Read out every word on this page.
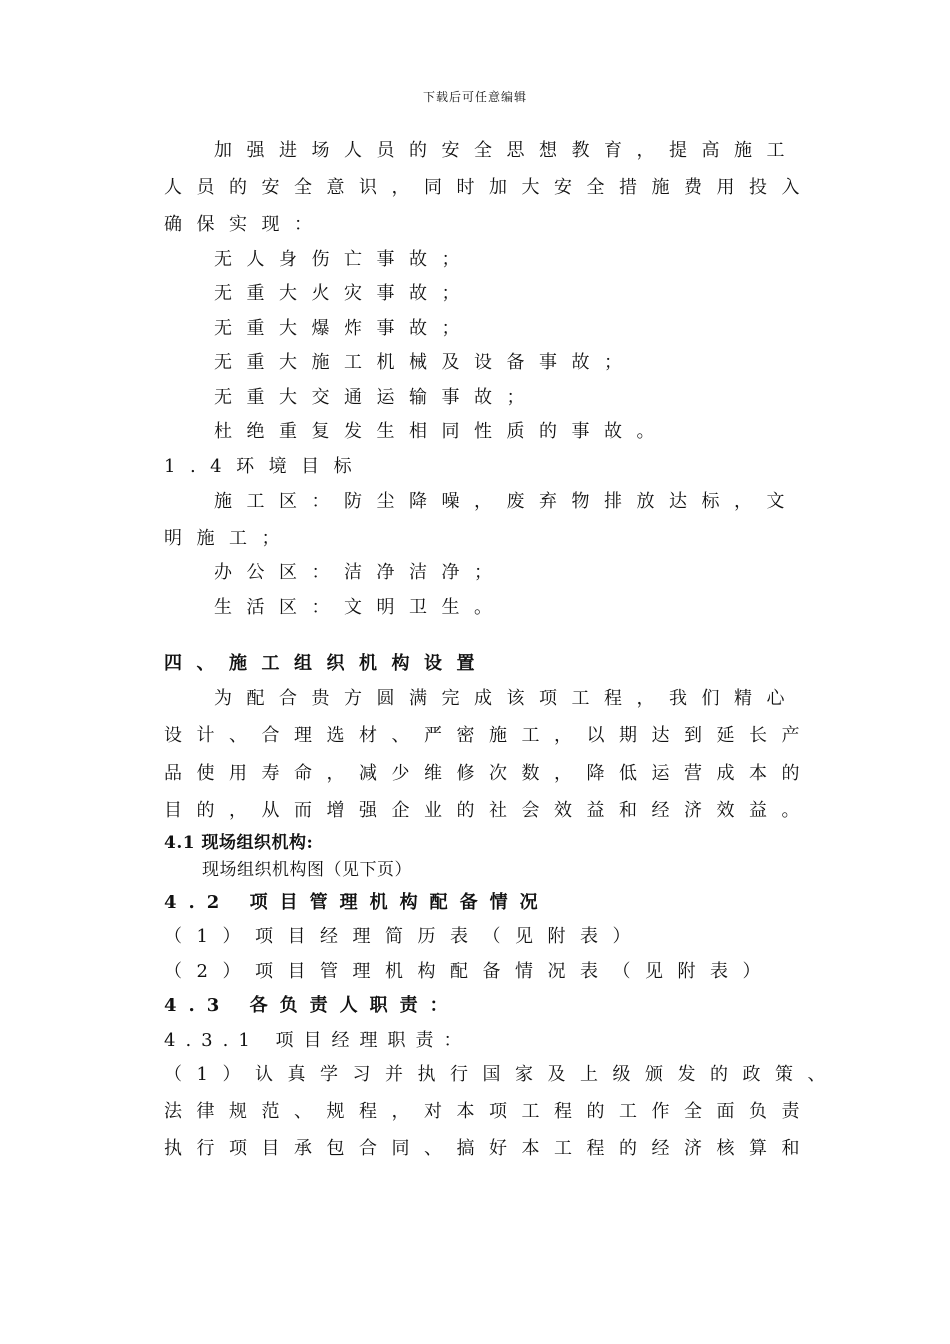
下载后可任意编辑
加强进场人员的安全思想教育，提高施工
人员的安全意识，同时加大安全措施费用投入
确保实现：
无人身伤亡事故；
无重大火灾事故；
无重大爆炸事故；
无重大施工机械及设备事故；
无重大交通运输事故；
杜绝重复发生相同性质的事故。
1.4环境目标
施工区：防尘降噪，废弃物排放达标，文
明施工；
办公区：洁净洁净；
生活区：文明卫生。
四、施工组织机构设置
为配合贵方圆满完成该项工程，我们精心
设计、合理选材、严密施工，以期达到延长产
品使用寿命，减少维修次数，降低运营成本的
目的，从而增强企业的社会效益和经济效益。
4.1 现场组织机构:
现场组织机构图（见下页）
4.2 项目管理机构配备情况
（1）项目经理简历表（见附表）
（2）项目管理机构配备情况表（见附表）
4.3 各负责人职责：
4.3.1 项目经理职责：
（1）认真学习并执行国家及上级颁发的政策、
法律规范、规程，对本项工程的工作全面负责
执行项目承包合同、搞好本工程的经济核算和
